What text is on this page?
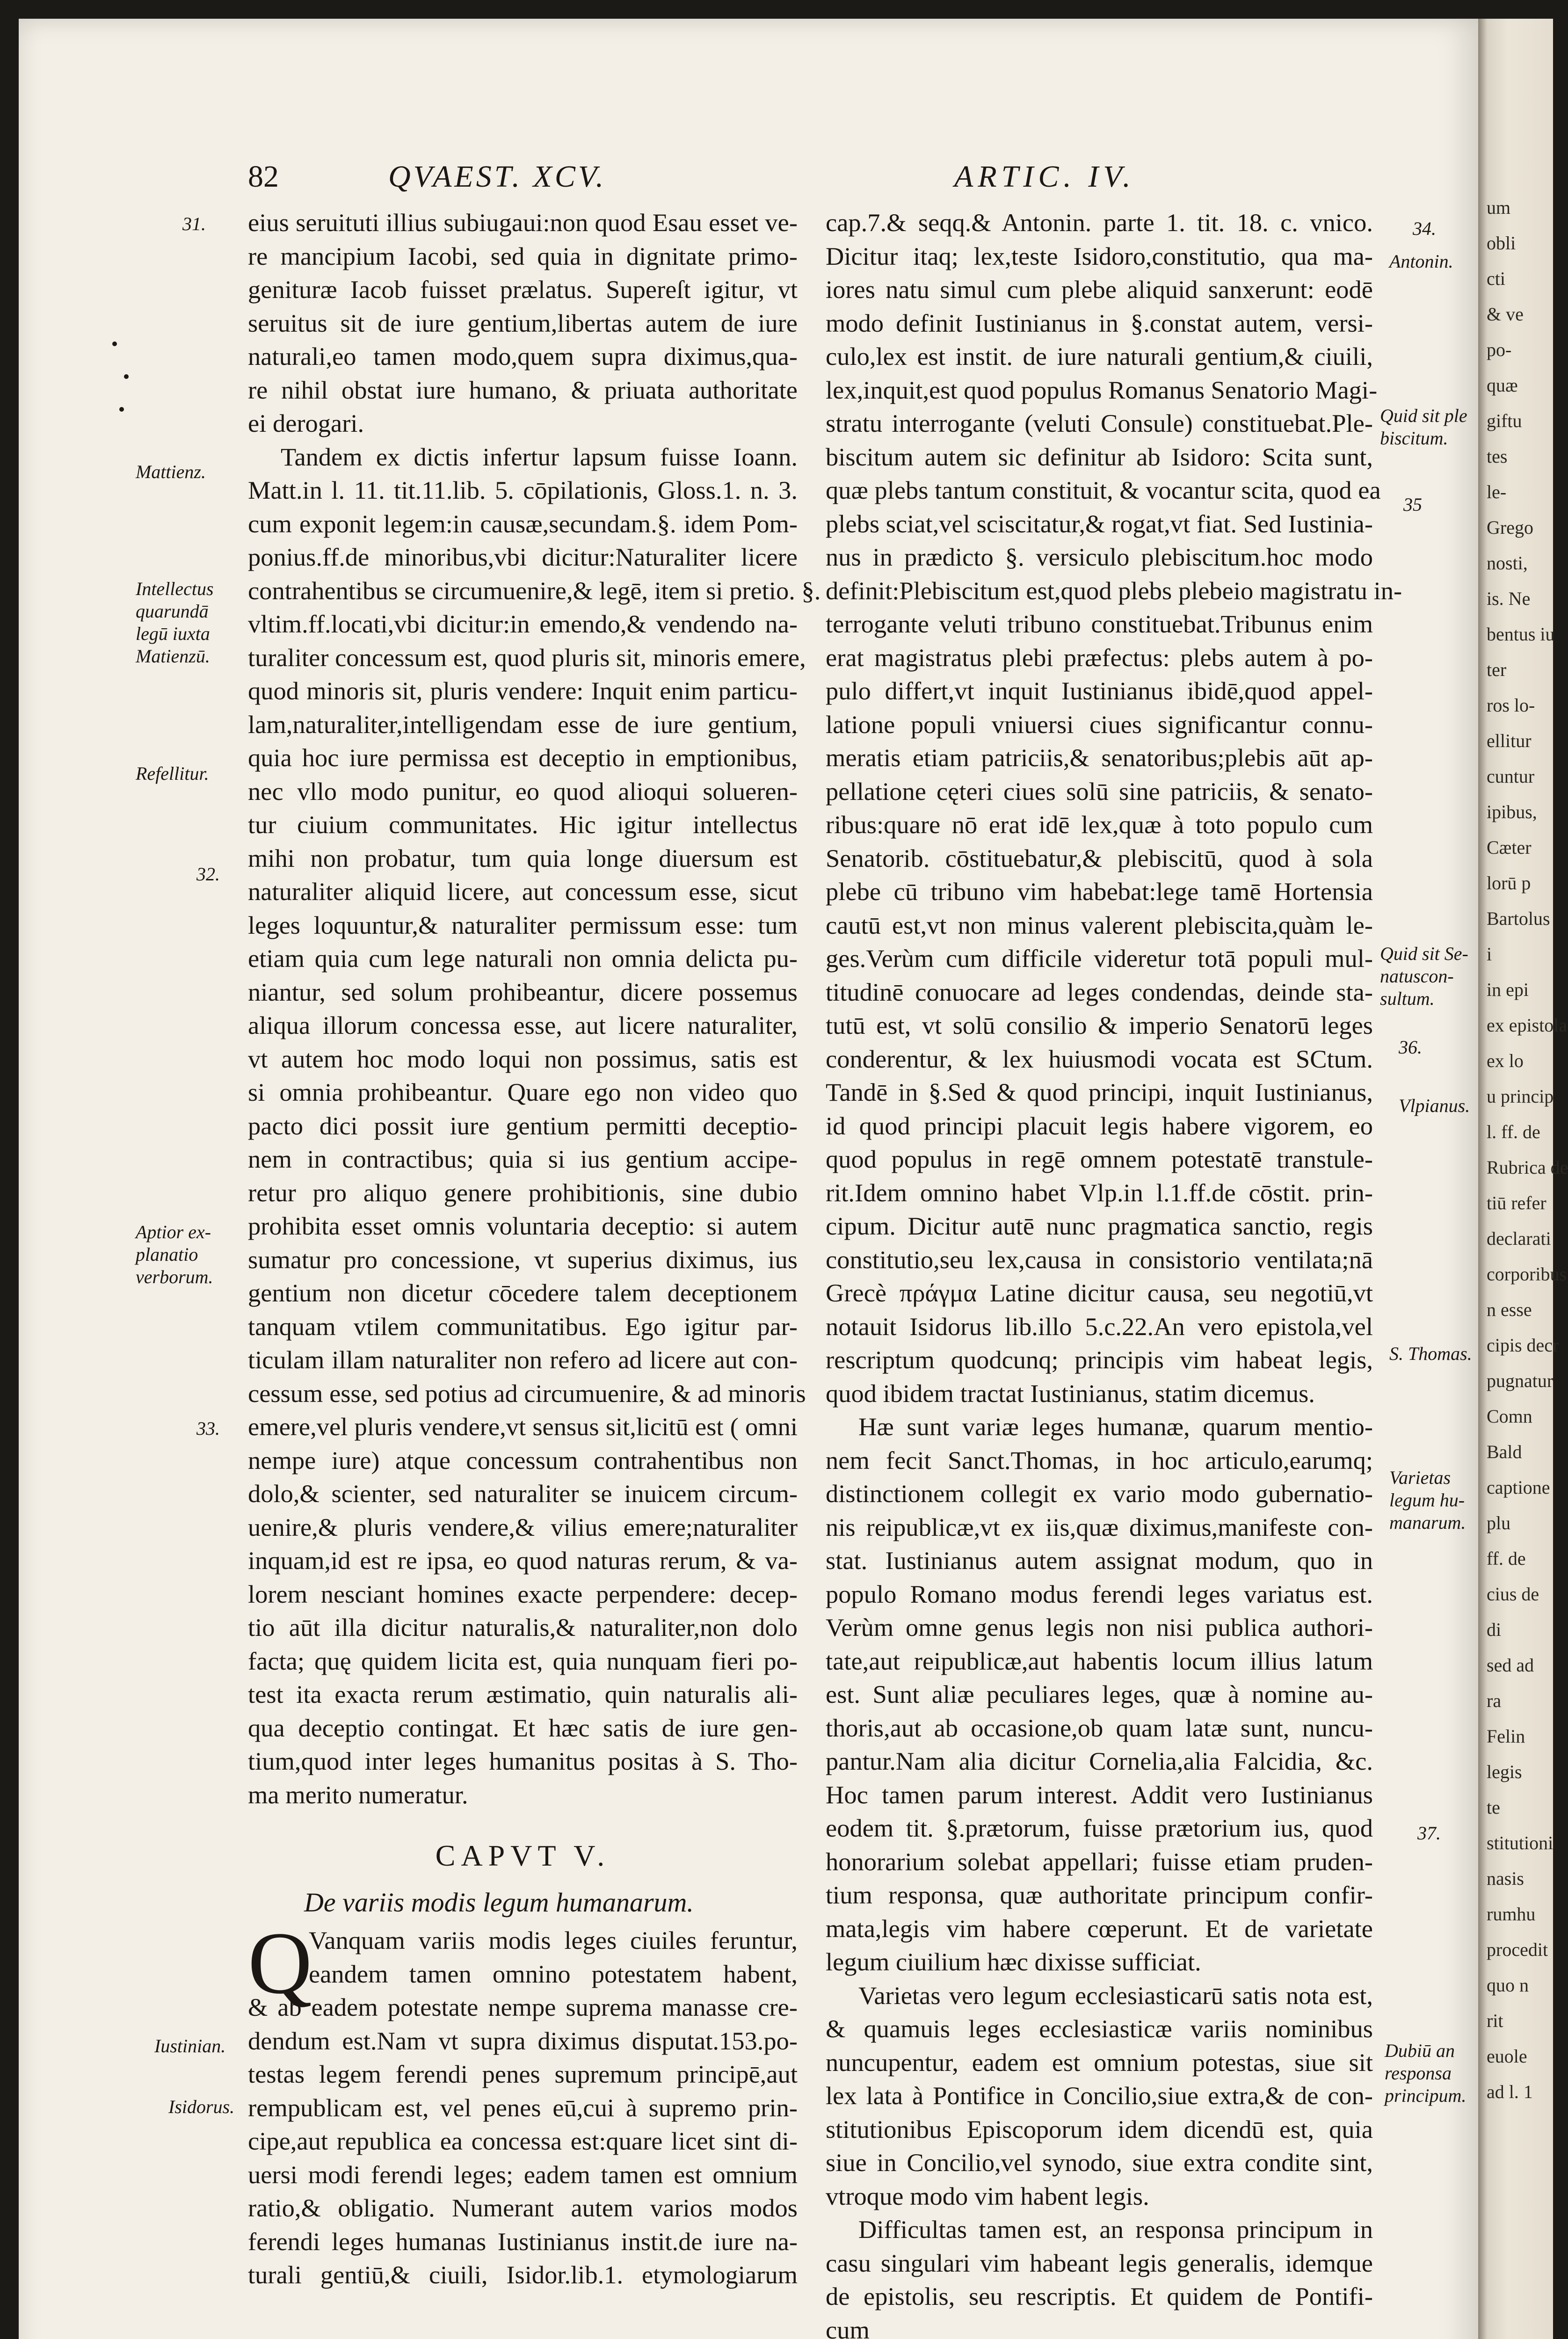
82	QVAEST. XCV.	ARTIC. IV.
eius seruituti illius subiugaui:non quod Esau esset ve-
re mancipium Iacobi, sed quia in dignitate primo-
genituræ Iacob fuisset prælatus. Supereſt igitur, vt
seruitus sit de iure gentium,libertas autem de iure
naturali,eo tamen modo,quem supra diximus,qua-
re nihil obstat iure humano, & priuata authoritate
ei derogari.
Tandem ex dictis infertur lapsum fuisse Ioann.
Matt.in l. 11. tit.11.lib. 5. cōpilationis, Gloss.1. n. 3.
cum exponit legem:in causæ,secundam.§. idem Pom-
ponius.ff.de minoribus,vbi dicitur:Naturaliter licere
contrahentibus se circumuenire,& legē, item si pretio. §.
vltim.ff.locati,vbi dicitur:in emendo,& vendendo na-
turaliter concessum est, quod pluris sit, minoris emere,
quod minoris sit, pluris vendere: Inquit enim particu-
lam,naturaliter,intelligendam esse de iure gentium,
quia hoc iure permissa est deceptio in emptionibus,
nec vllo modo punitur, eo quod alioqui solueren-
tur ciuium communitates. Hic igitur intellectus
mihi non probatur, tum quia longe diuersum est
naturaliter aliquid licere, aut concessum esse, sicut
leges loquuntur,& naturaliter permissum esse: tum
etiam quia cum lege naturali non omnia delicta pu-
niantur, sed solum prohibeantur, dicere possemus
aliqua illorum concessa esse, aut licere naturaliter,
vt autem hoc modo loqui non possimus, satis est
si omnia prohibeantur. Quare ego non video quo
pacto dici possit iure gentium permitti deceptio-
nem in contractibus; quia si ius gentium accipe-
retur pro aliquo genere prohibitionis, sine dubio
prohibita esset omnis voluntaria deceptio: si autem
sumatur pro concessione, vt superius diximus, ius
gentium non dicetur cōcedere talem deceptionem
tanquam vtilem communitatibus. Ego igitur par-
ticulam illam naturaliter non refero ad licere aut con-
cessum esse, sed potius ad circumuenire, & ad minoris
emere,vel pluris vendere,vt sensus sit,licitū est ( omni
nempe iure) atque concessum contrahentibus non
dolo,& scienter, sed naturaliter se inuicem circum-
uenire,& pluris vendere,& vilius emere;naturaliter
inquam,id est re ipsa, eo quod naturas rerum, & va-
lorem nesciant homines exacte perpendere: decep-
tio aūt illa dicitur naturalis,& naturaliter,non dolo
facta; quę quidem licita est, quia nunquam fieri po-
test ita exacta rerum æstimatio, quin naturalis ali-
qua deceptio contingat. Et hæc satis de iure gen-
tium,quod inter leges humanitus positas à S. Tho-
ma merito numeratur.
CAPVT V.
De variis modis legum humanarum.
Q
Vanquam variis modis leges ciuiles feruntur,
eandem tamen omnino potestatem habent,
& ab eadem potestate nempe suprema manasse cre-
dendum est.Nam vt supra diximus disputat.153.po-
testas legem ferendi penes supremum principē,aut
rempublicam est, vel penes eū,cui à supremo prin-
cipe,aut republica ea concessa est:quare licet sint di-
uersi modi ferendi leges; eadem tamen est omnium
ratio,& obligatio. Numerant autem varios modos
ferendi leges humanas Iustinianus instit.de iure na-
turali gentiū,& ciuili, Isidor.lib.1. etymologiarum
cap.7.& seqq.& Antonin. parte 1. tit. 18. c. vnico.
Dicitur itaq; lex,teste Isidoro,constitutio, qua ma-
iores natu simul cum plebe aliquid sanxerunt: eodē
modo definit Iustinianus in §.constat autem, versi-
culo,lex est instit. de iure naturali gentium,& ciuili,
lex,inquit,est quod populus Romanus Senatorio Magi-
stratu interrogante (veluti Consule) constituebat.Ple-
biscitum autem sic definitur ab Isidoro: Scita sunt,
quæ plebs tantum constituit, & vocantur scita, quod ea
plebs sciat,vel sciscitatur,& rogat,vt fiat. Sed Iustinia-
nus in prædicto §. versiculo plebiscitum.hoc modo
definit:Plebiscitum est,quod plebs plebeio magistratu in-
terrogante veluti tribuno constituebat.Tribunus enim
erat magistratus plebi præfectus: plebs autem à po-
pulo differt,vt inquit Iustinianus ibidē,quod appel-
latione populi vniuersi ciues significantur connu-
meratis etiam patriciis,& senatoribus;plebis aūt ap-
pellatione cęteri ciues solū sine patriciis, & senato-
ribus:quare nō erat idē lex,quæ à toto populo cum
Senatorib. cōstituebatur,& plebiscitū, quod à sola
plebe cū tribuno vim habebat:lege tamē Hortensia
cautū est,vt non minus valerent plebiscita,quàm le-
ges.Verùm cum difficile videretur totā populi mul-
titudinē conuocare ad leges condendas, deinde sta-
tutū est, vt solū consilio & imperio Senatorū leges
conderentur, & lex huiusmodi vocata est SCtum.
Tandē in §.Sed & quod principi, inquit Iustinianus,
id quod principi placuit legis habere vigorem, eo
quod populus in regē omnem potestatē transtule-
rit.Idem omnino habet Vlp.in l.1.ff.de cōstit. prin-
cipum. Dicitur autē nunc pragmatica sanctio, regis
constitutio,seu lex,causa in consistorio ventilata;nā
Grecè πράγμα Latine dicitur causa, seu negotiū,vt
notauit Isidorus lib.illo 5.c.22.An vero epistola,vel
rescriptum quodcunq; principis vim habeat legis,
quod ibidem tractat Iustinianus, statim dicemus.
Hæ sunt variæ leges humanæ, quarum mentio-
nem fecit Sanct.Thomas, in hoc articulo,earumq;
distinctionem collegit ex vario modo gubernatio-
nis reipublicæ,vt ex iis,quæ diximus,manifeste con-
stat. Iustinianus autem assignat modum, quo in
populo Romano modus ferendi leges variatus est.
Verùm omne genus legis non nisi publica authori-
tate,aut reipublicæ,aut habentis locum illius latum
est. Sunt aliæ peculiares leges, quæ à nomine au-
thoris,aut ab occasione,ob quam latæ sunt, nuncu-
pantur.Nam alia dicitur Cornelia,alia Falcidia, &c.
Hoc tamen parum interest. Addit vero Iustinianus
eodem tit. §.prætorum, fuisse prætorium ius, quod
honorarium solebat appellari; fuisse etiam pruden-
tium responsa, quæ authoritate principum confir-
mata,legis vim habere cœperunt. Et de varietate
legum ciuilium hæc dixisse sufficiat.
Varietas vero legum ecclesiasticarū satis nota est,
& quamuis leges ecclesiasticæ variis nominibus
nuncupentur, eadem est omnium potestas, siue sit
lex lata à Pontifice in Concilio,siue extra,& de con-
stitutionibus Episcoporum idem dicendū est, quia
siue in Concilio,vel synodo, siue extra condite sint,
vtroque modo vim habent legis.
Difficultas tamen est, an responsa principum in
casu singulari vim habeant legis generalis, idemque
de epistolis, seu rescriptis. Et quidem de Pontifi-
cum
31.
Mattienz.
Intellectus
quarundā
legū iuxta
Matienzū.
Refellitur.
32.
Aptior ex-
planatio
verborum.
33.
Iustinian.
Isidorus.
34.
Antonin.
Quid sit ple
biscitum.
35
Quid sit Se-
natuscon-
sultum.
36.
Vlpianus.
S. Thomas.
Varietas
legum hu-
manarum.
37.
Dubiū an
responsa
principum.
um
obli
cti
& ve
po-
quæ
giftu
tes
le-
Grego
nosti,
is. Ne
bentus iu
ter
ros lo-
ellitur
cuntur
ipibus,
Cæter
lorū p
Bartolus
i
in epi
ex epistola
ex lo
u princip
l. ff. de
Rubrica de
tiū refer
declarati
corporibus
n esse
cipis decr
pugnatur
Comn
Bald
captione
plu
ff. de
cius de
di
sed ad
ra
Felin
legis
te
stitutioni
nasis
rumhu
procedit
quo n
rit
euole
ad l. 1
